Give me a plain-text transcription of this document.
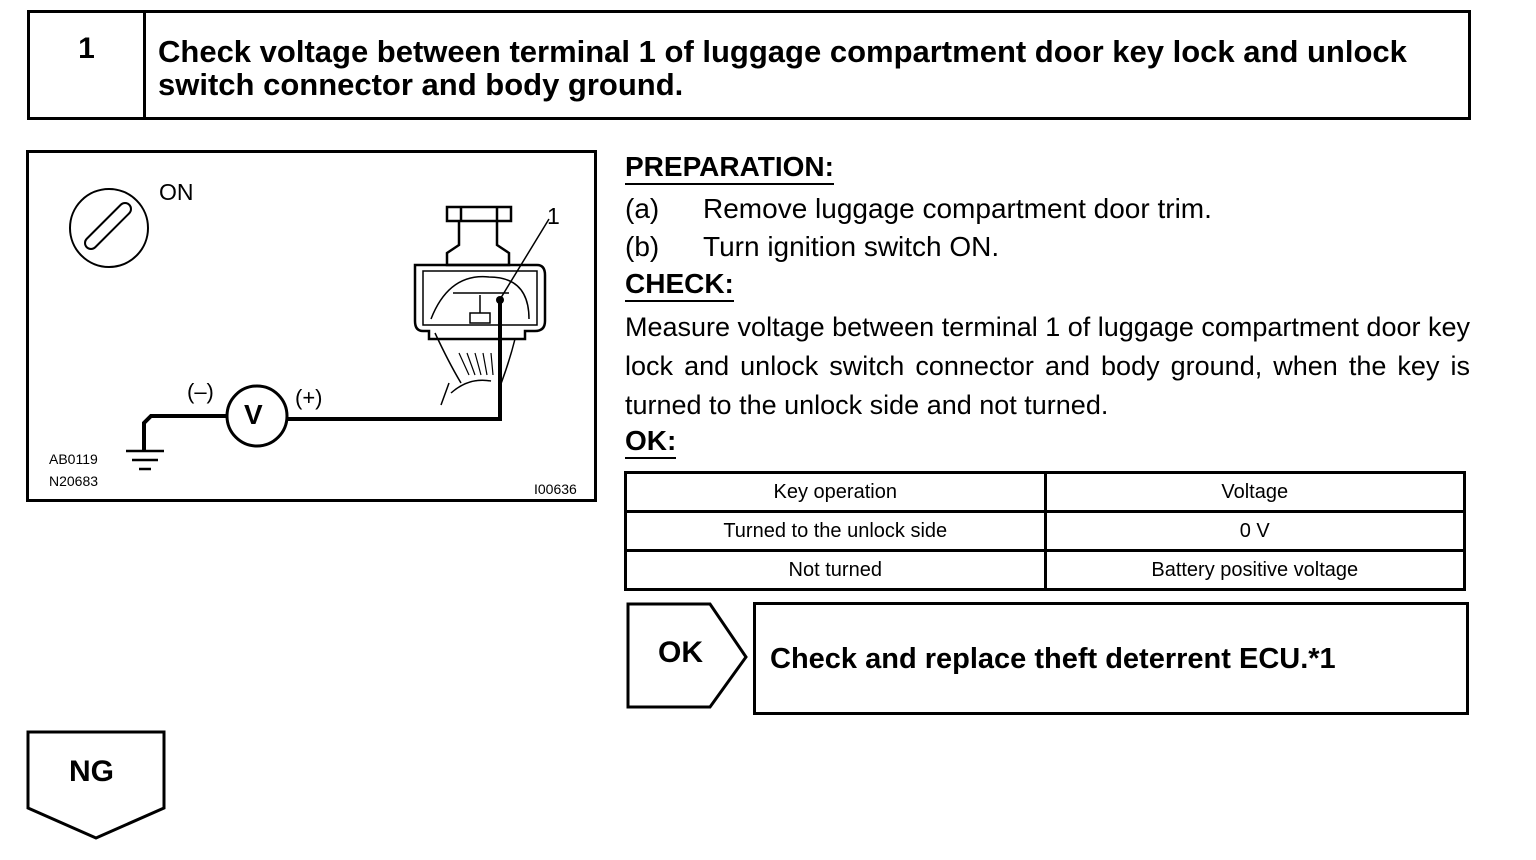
1	Check voltage between terminal 1 of luggage compartment door key lock and unlock switch connector and body ground.
ON
1
(–)	(+)
V
AB0119
N20683	I00636
PREPARATION:
(a) Remove luggage compartment door trim.
(b) Turn ignition switch ON.
CHECK:
Measure voltage between terminal 1 of luggage compartment door key lock and unlock switch connector and body ground, when the key is turned to the unlock side and not turned.
OK:
Key operation	Voltage
Turned to the unlock side	0 V
Not turned	Battery positive voltage
OK Check and replace theft deterrent ECU.*1
NG
